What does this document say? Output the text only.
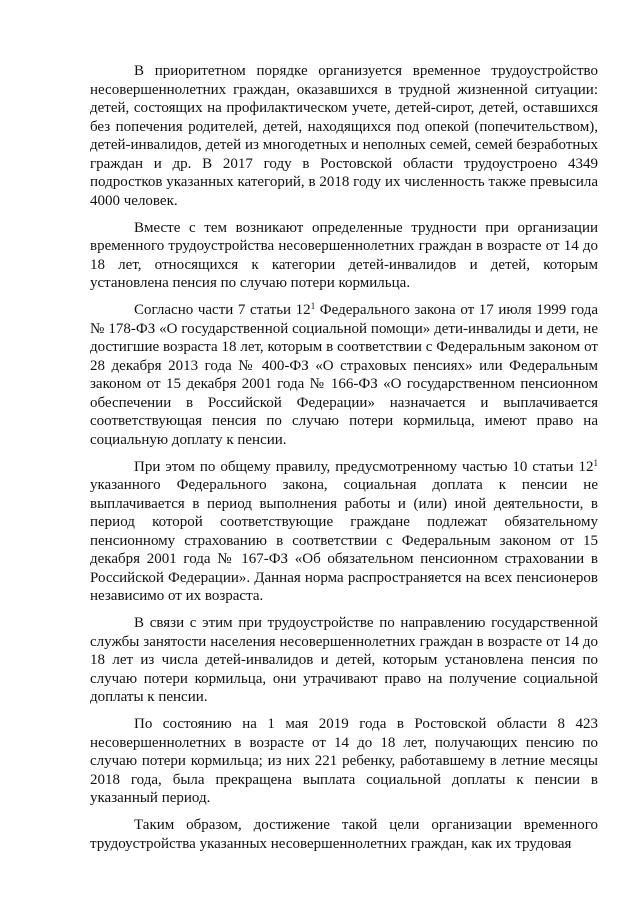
В приоритетном порядке организуется временное трудоустройство несовершеннолетних граждан, оказавшихся в трудной жизненной ситуации: детей, состоящих на профилактическом учете, детей-сирот, детей, оставшихся без попечения родителей, детей, находящихся под опекой (попечительством), детей-инвалидов, детей из многодетных и неполных семей, семей безработных граждан и др. В 2017 году в Ростовской области трудоустроено 4349 подростков указанных категорий, в 2018 году их численность также превысила 4000 человек.

Вместе с тем возникают определенные трудности при организации временного трудоустройства несовершеннолетних граждан в возрасте от 14 до 18 лет, относящихся к категории детей-инвалидов и детей, которым установлена пенсия по случаю потери кормильца.

Согласно части 7 статьи $12^1$ Федерального закона от 17 июля 1999 года № 178-ФЗ «О государственной социальной помощи» дети-инвалиды и дети, не достигшие возраста 18 лет, которым в соответствии с Федеральным законом от 28 декабря 2013 года № 400-ФЗ «О страховых пенсиях» или Федеральным законом от 15 декабря 2001 года № 166-ФЗ «О государственном пенсионном обеспечении в Российской Федерации» назначается и выплачивается соответствующая пенсия по случаю потери кормильца, имеют право на социальную доплату к пенсии.

При этом по общему правилу, предусмотренному частью 10 статьи $12^1$ указанного Федерального закона, социальная доплата к пенсии не выплачивается в период выполнения работы и (или) иной деятельности, в период которой соответствующие граждане подлежат обязательному пенсионному страхованию в соответствии с Федеральным законом от 15 декабря 2001 года № 167-ФЗ «Об обязательном пенсионном страховании в Российской Федерации». Данная норма распространяется на всех пенсионеров независимо от их возраста.

В связи с этим при трудоустройстве по направлению государственной службы занятости населения несовершеннолетних граждан в возрасте от 14 до 18 лет из числа детей-инвалидов и детей, которым установлена пенсия по случаю потери кормильца, они утрачивают право на получение социальной доплаты к пенсии.

По состоянию на 1 мая 2019 года в Ростовской области 8 423 несовершеннолетних в возрасте от 14 до 18 лет, получающих пенсию по случаю потери кормильца; из них 221 ребенку, работавшему в летние месяцы 2018 года, была прекращена выплата социальной доплаты к пенсии в указанный период.

Таким образом, достижение такой цели организации временного трудоустройства указанных несовершеннолетних граждан, как их трудовая
